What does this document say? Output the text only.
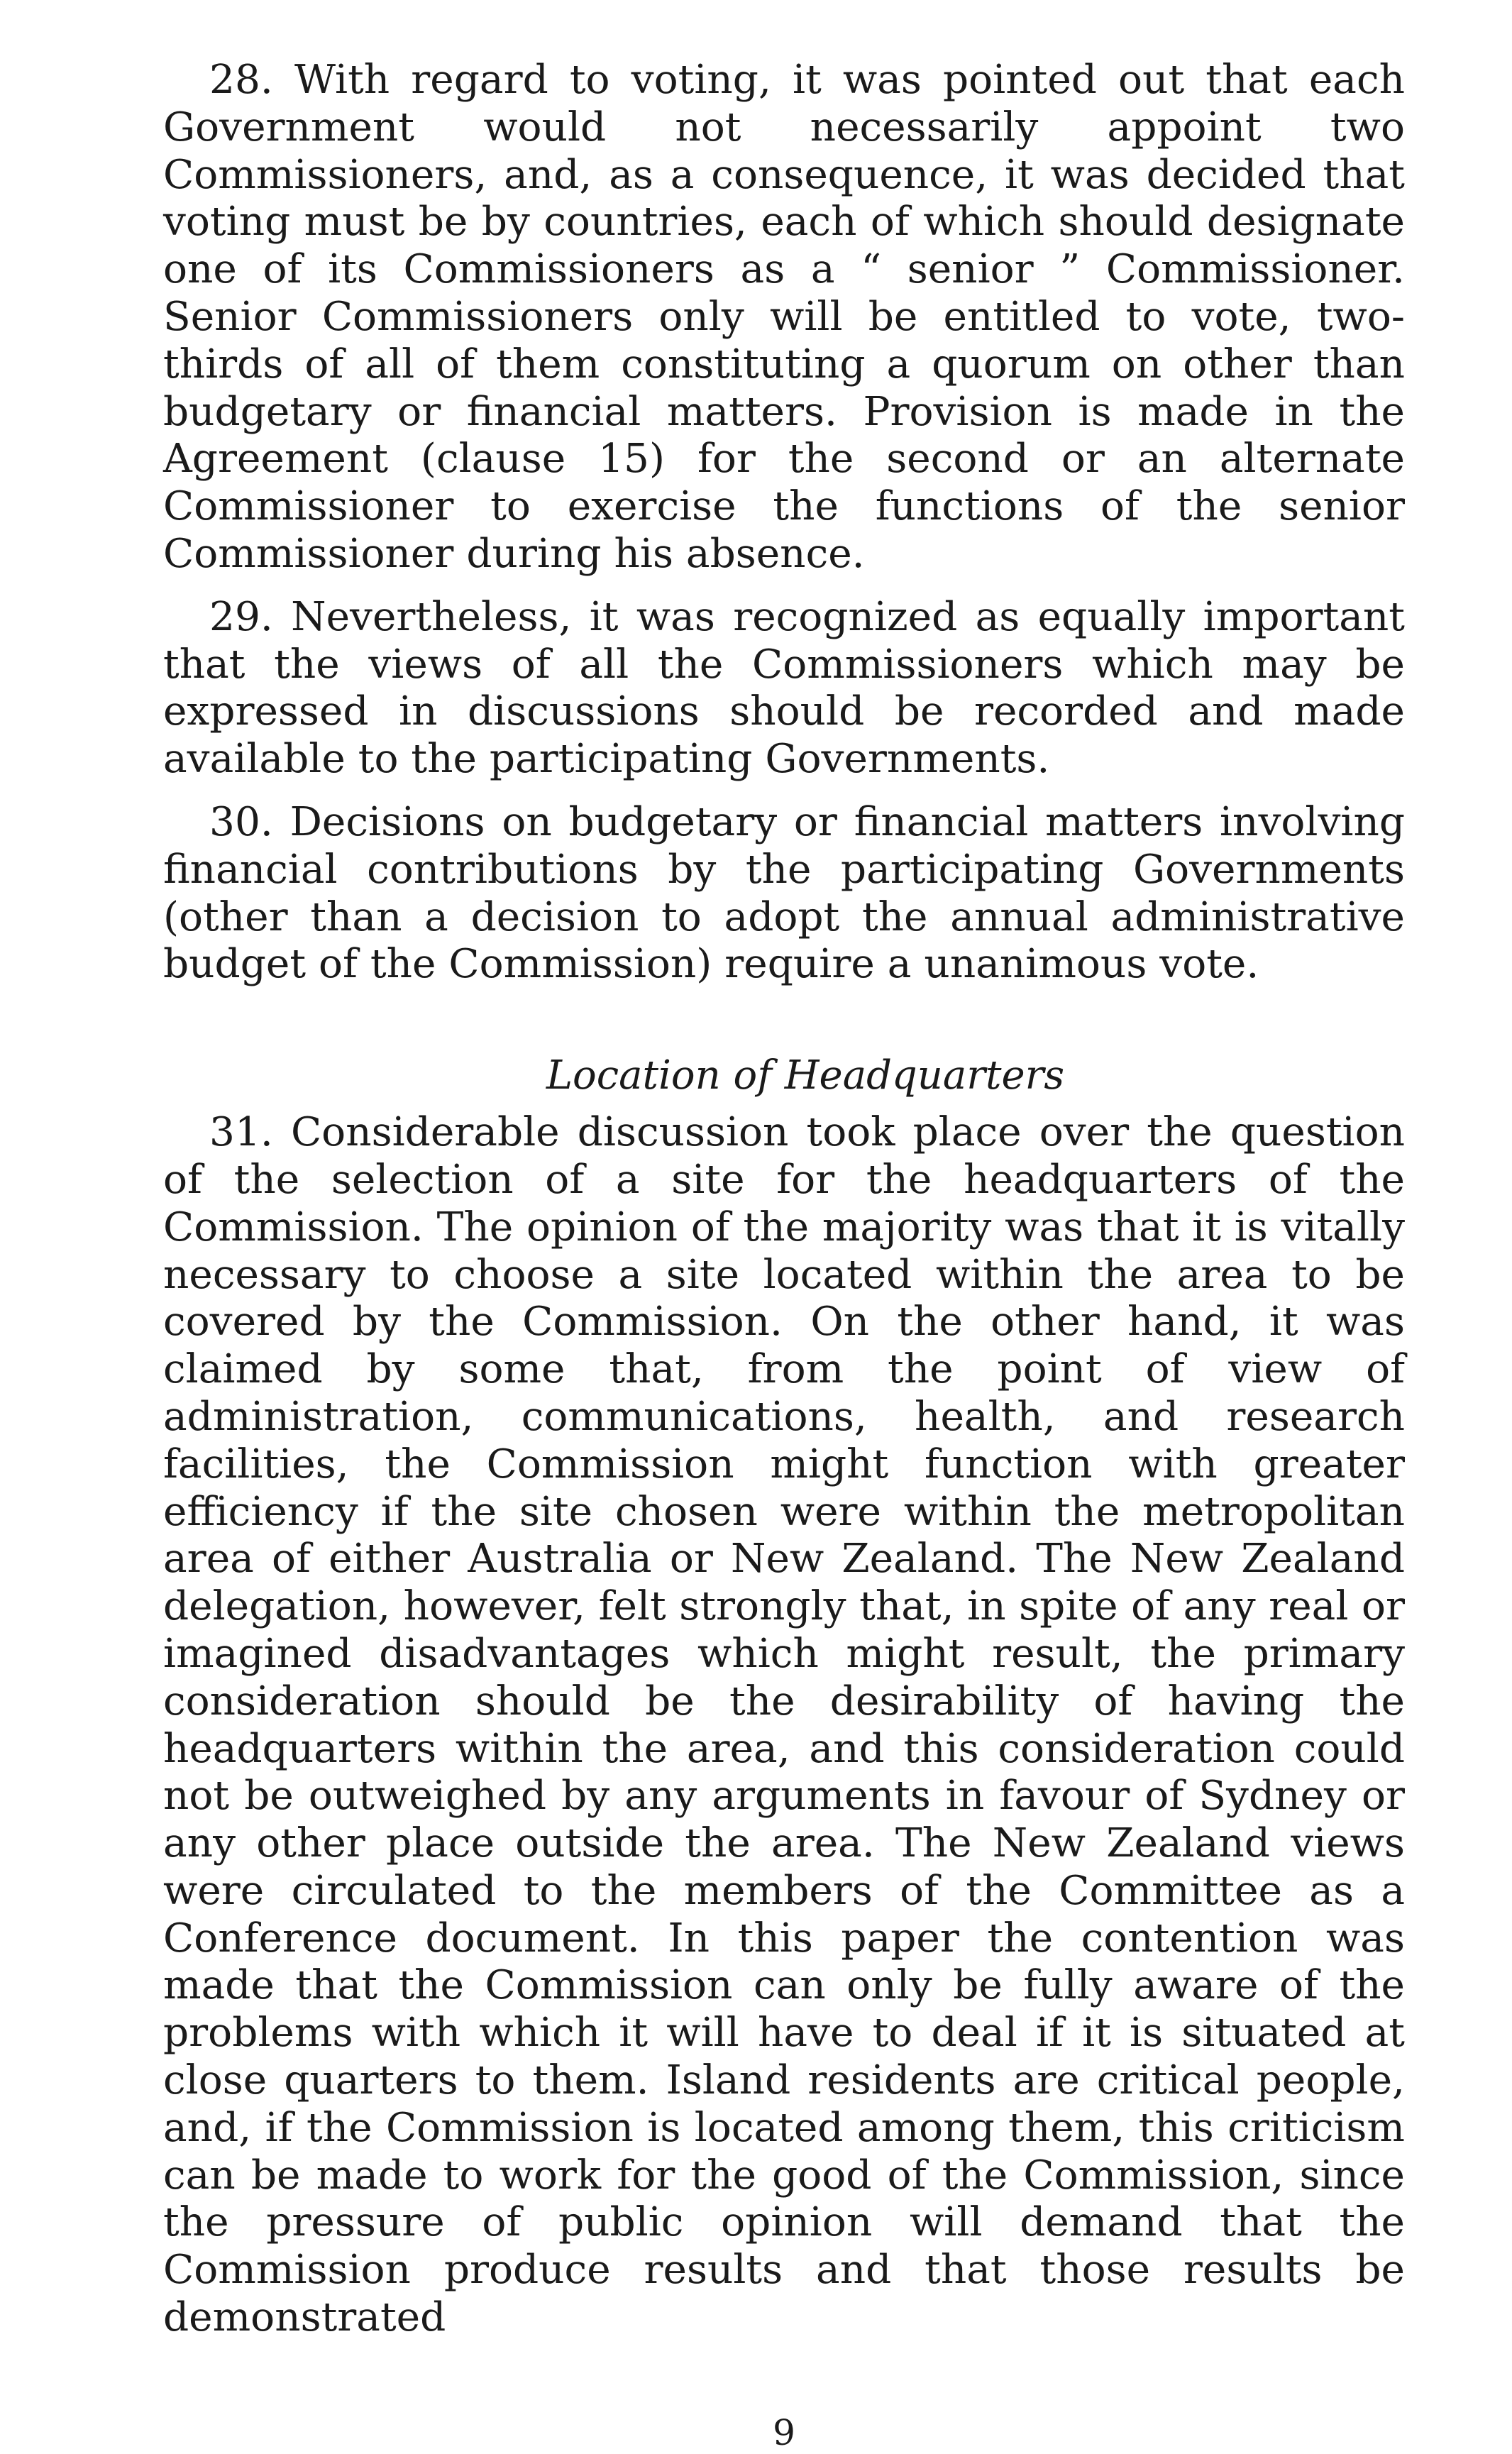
28. With regard to voting, it was pointed out that each Government would not necessarily appoint two Commissioners, and, as a consequence, it was decided that voting must be by countries, each of which should designate one of its Commissioners as a “ senior ” Commissioner. Senior Commissioners only will be entitled to vote, two-thirds of all of them constituting a quorum on other than budgetary or financial matters. Provision is made in the Agreement (clause 15) for the second or an alternate Commissioner to exercise the functions of the senior Commissioner during his absence.

29. Nevertheless, it was recognized as equally important that the views of all the Commissioners which may be expressed in discussions should be recorded and made available to the participating Governments.

30. Decisions on budgetary or financial matters involving financial contributions by the participating Governments (other than a decision to adopt the annual administrative budget of the Commission) require a unanimous vote.

Location of Headquarters

31. Considerable discussion took place over the question of the selection of a site for the headquarters of the Commission. The opinion of the majority was that it is vitally necessary to choose a site located within the area to be covered by the Commission. On the other hand, it was claimed by some that, from the point of view of administration, communications, health, and research facilities, the Commission might function with greater efficiency if the site chosen were within the metropolitan area of either Australia or New Zealand. The New Zealand delegation, however, felt strongly that, in spite of any real or imagined disadvantages which might result, the primary consideration should be the desirability of having the headquarters within the area, and this consideration could not be outweighed by any arguments in favour of Sydney or any other place outside the area. The New Zealand views were circulated to the members of the Committee as a Conference document. In this paper the contention was made that the Commission can only be fully aware of the problems with which it will have to deal if it is situated at close quarters to them. Island residents are critical people, and, if the Commission is located among them, this criticism can be made to work for the good of the Commission, since the pressure of public opinion will demand that the Commission produce results and that those results be demonstrated

9
